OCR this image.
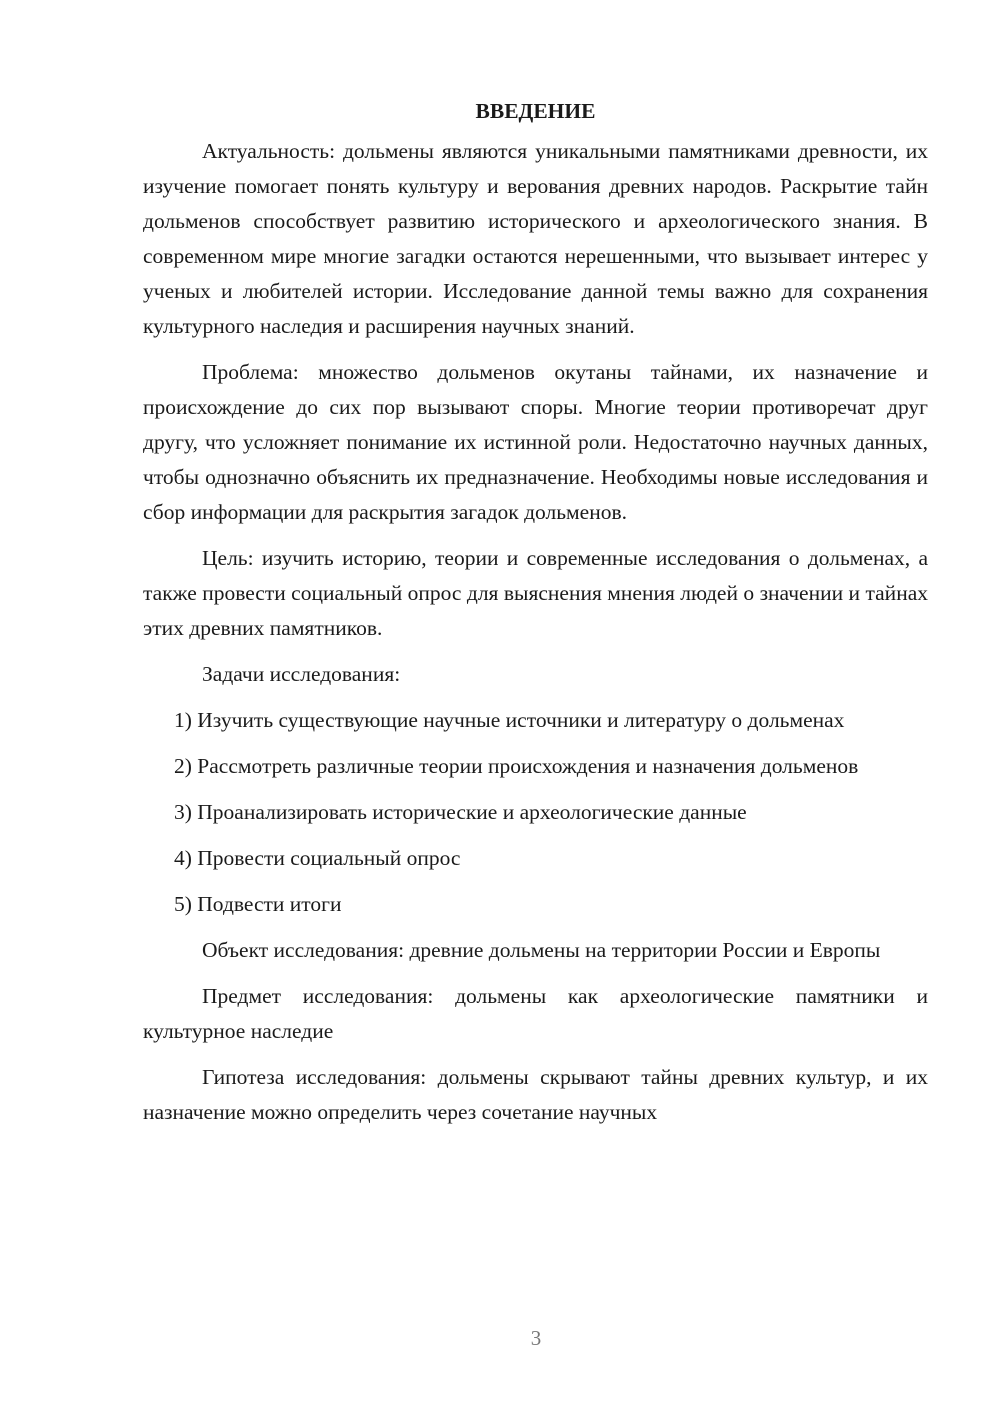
ВВЕДЕНИЕ

Актуальность: дольмены являются уникальными памятниками древности, их изучение помогает понять культуру и верования древних народов. Раскрытие тайн дольменов способствует развитию исторического и археологического знания. В современном мире многие загадки остаются нерешенными, что вызывает интерес у ученых и любителей истории. Исследование данной темы важно для сохранения культурного наследия и расширения научных знаний.

Проблема: множество дольменов окутаны тайнами, их назначение и происхождение до сих пор вызывают споры. Многие теории противоречат друг другу, что усложняет понимание их истинной роли. Недостаточно научных данных, чтобы однозначно объяснить их предназначение. Необходимы новые исследования и сбор информации для раскрытия загадок дольменов.

Цель: изучить историю, теории и современные исследования о дольменах, а также провести социальный опрос для выяснения мнения людей о значении и тайнах этих древних памятников.

Задачи исследования:

1) Изучить существующие научные источники и литературу о дольменах

2) Рассмотреть различные теории происхождения и назначения дольменов

3) Проанализировать исторические и археологические данные

4) Провести социальный опрос

5) Подвести итоги

Объект исследования: древние дольмены на территории России и Европы

Предмет исследования: дольмены как археологические памятники и культурное наследие

Гипотеза исследования: дольмены скрывают тайны древних культур, и их назначение можно определить через сочетание научных

3
